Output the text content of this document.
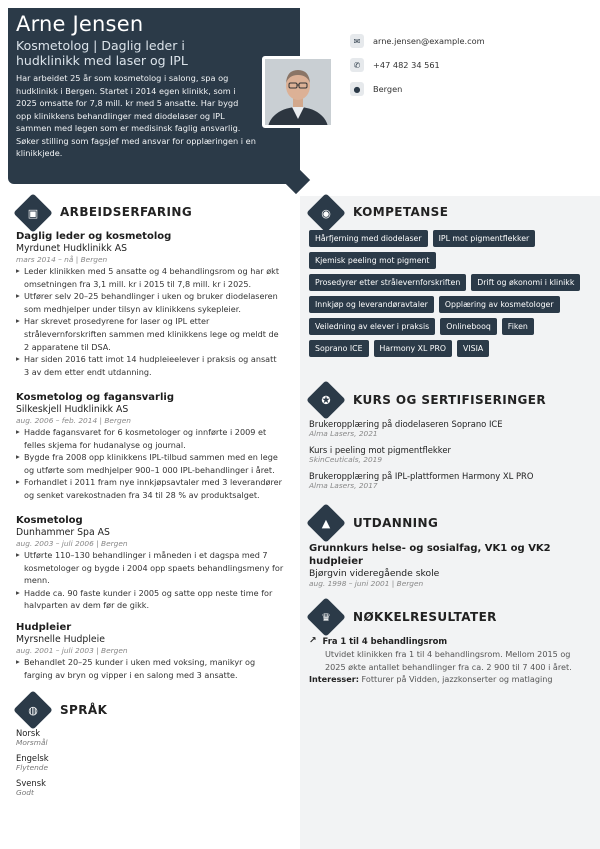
Arne Jensen
Kosmetolog | Daglig leder i hudklinikk med laser og IPL
Har arbeidet 25 år som kosmetolog i salong, spa og hudklinikk i Bergen. Startet i 2014 egen klinikk, som i 2025 omsatte for 7,8 mill. kr med 5 ansatte. Har bygd opp klinikkens behandlinger med diodelaser og IPL sammen med legen som er medisinsk faglig ansvarlig. Søker stilling som fagsjef med ansvar for opplæringen i en klinikkjede.
✉	arne.jensen@example.com
✆	+47 482 34 561
●	Bergen
▣	ARBEIDSERFARING
Daglig leder og kosmetolog
Myrdunet Hudklinikk AS
mars 2014 – nå | Bergen
▸ Leder klinikken med 5 ansatte og 4 behandlingsrom og har økt omsetningen fra 3,1 mill. kr i 2015 til 7,8 mill. kr i 2025.
▸ Utfører selv 20–25 behandlinger i uken og bruker diodelaseren som medhjelper under tilsyn av klinikkens sykepleier.
▸ Har skrevet prosedyrene for laser og IPL etter strålevernforskriften sammen med klinikkens lege og meldt de 2 apparatene til DSA.
▸ Har siden 2016 tatt imot 14 hudpleieelever i praksis og ansatt 3 av dem etter endt utdanning.
Kosmetolog og fagansvarlig
Silkeskjell Hudklinikk AS
aug. 2006 – feb. 2014 | Bergen
▸ Hadde fagansvaret for 6 kosmetologer og innførte i 2009 et felles skjema for hudanalyse og journal.
▸ Bygde fra 2008 opp klinikkens IPL-tilbud sammen med en lege og utførte som medhjelper 900–1 000 IPL-behandlinger i året.
▸ Forhandlet i 2011 fram nye innkjøpsavtaler med 3 leverandører og senket varekostnaden fra 34 til 28 % av produktsalget.
Kosmetolog
Dunhammer Spa AS
aug. 2003 – juli 2006 | Bergen
▸ Utførte 110–130 behandlinger i måneden i et dagspa med 7 kosmetologer og bygde i 2004 opp spaets behandlingsmeny for menn.
▸ Hadde ca. 90 faste kunder i 2005 og satte opp neste time for halvparten av dem før de gikk.
Hudpleier
Myrsnelle Hudpleie
aug. 2001 – juli 2003 | Bergen
▸ Behandlet 20–25 kunder i uken med voksing, manikyr og farging av bryn og vipper i en salong med 3 ansatte.
◍	SPRÅK
Norsk
Morsmål
Engelsk
Flytende
Svensk
Godt
◉	KOMPETANSE
Hårfjerning med diodelaser	IPL mot pigmentflekker
Kjemisk peeling mot pigment
Prosedyrer etter strålevernforskriften	Drift og økonomi i klinikk
Innkjøp og leverandøravtaler	Opplæring av kosmetologer
Veiledning av elever i praksis	Onlinebooq	Fiken
Soprano ICE	Harmony XL PRO	VISIA
✪	KURS OG SERTIFISERINGER
Brukeropplæring på diodelaseren Soprano ICE
Alma Lasers, 2021
Kurs i peeling mot pigmentflekker
SkinCeuticals, 2019
Brukeropplæring på IPL-plattformen Harmony XL PRO
Alma Lasers, 2017
▲	UTDANNING
Grunnkurs helse- og sosialfag, VK1 og VK2 hudpleier
Bjørgvin videregående skole
aug. 1998 – juni 2001 | Bergen
♛	NØKKELRESULTATER
↗ Fra 1 til 4 behandlingsrom
Utvidet klinikken fra 1 til 4 behandlingsrom. Mellom 2015 og 2025 økte antallet behandlinger fra ca. 2 900 til 7 400 i året.
Interesser: Fotturer på Vidden, jazzkonserter og matlaging
